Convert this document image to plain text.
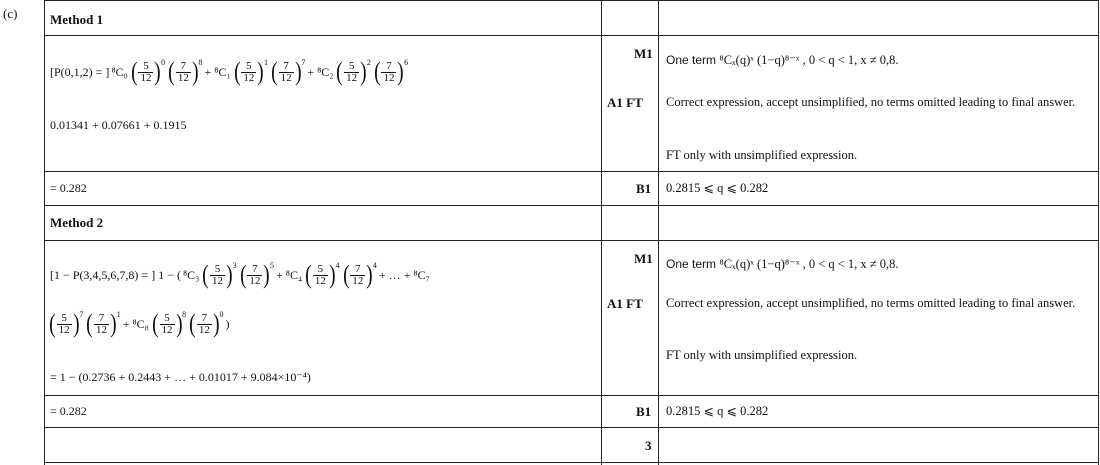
(c)	Method 1
[P(0,1,2) = ] ⁸C₀ ( $\frac{5}{12} )^0$ ( $\frac{7}{12} )^8$
+ ⁸C₁ ( $\frac{5}{12} )^1$ ( $\frac{7}{12} )^7$
+ ⁸C₂ ( $\frac{5}{12} )^2$ ( $\frac{7}{12} )^6$
0.01341 + 0.07661 + 0.1915
= 0.282
M1 One term ⁸Cₓ(q)ˣ (1−q)⁸⁻ˣ , 0 < q < 1, x ≠ 0,8.
A1 FT Correct expression, accept unsimplified, no terms omitted leading to final answer.
FT only with unsimplified expression.
B1 0.2815 ⩽ q ⩽ 0.282
Method 2
[1 − P(3,4,5,6,7,8) = ] 1 − ( ⁸C₃ ( $\frac{5}{12} )^3$ ( $\frac{7}{12} )^5$
+ ⁸C₄ ( $\frac{5}{12} )^4$ ( $\frac{7}{12} )^4$
+ … + ⁸C₇
( $\frac{5}{12} )^7$ ( $\frac{7}{12} )^1$
+ ⁸C₈ ( $\frac{5}{12} )^8$ ( $\frac{7}{12} )^0$
)
= 1 − (0.2736 + 0.2443 + … + 0.01017 + 9.084×10⁻⁴)
= 0.282
M1 One term ⁸Cₓ(q)ˣ (1−q)⁸⁻ˣ , 0 < q < 1, x ≠ 0,8.
A1 FT Correct expression, accept unsimplified, no terms omitted leading to final answer.
FT only with unsimplified expression.
B1 0.2815 ⩽ q ⩽ 0.282
3
